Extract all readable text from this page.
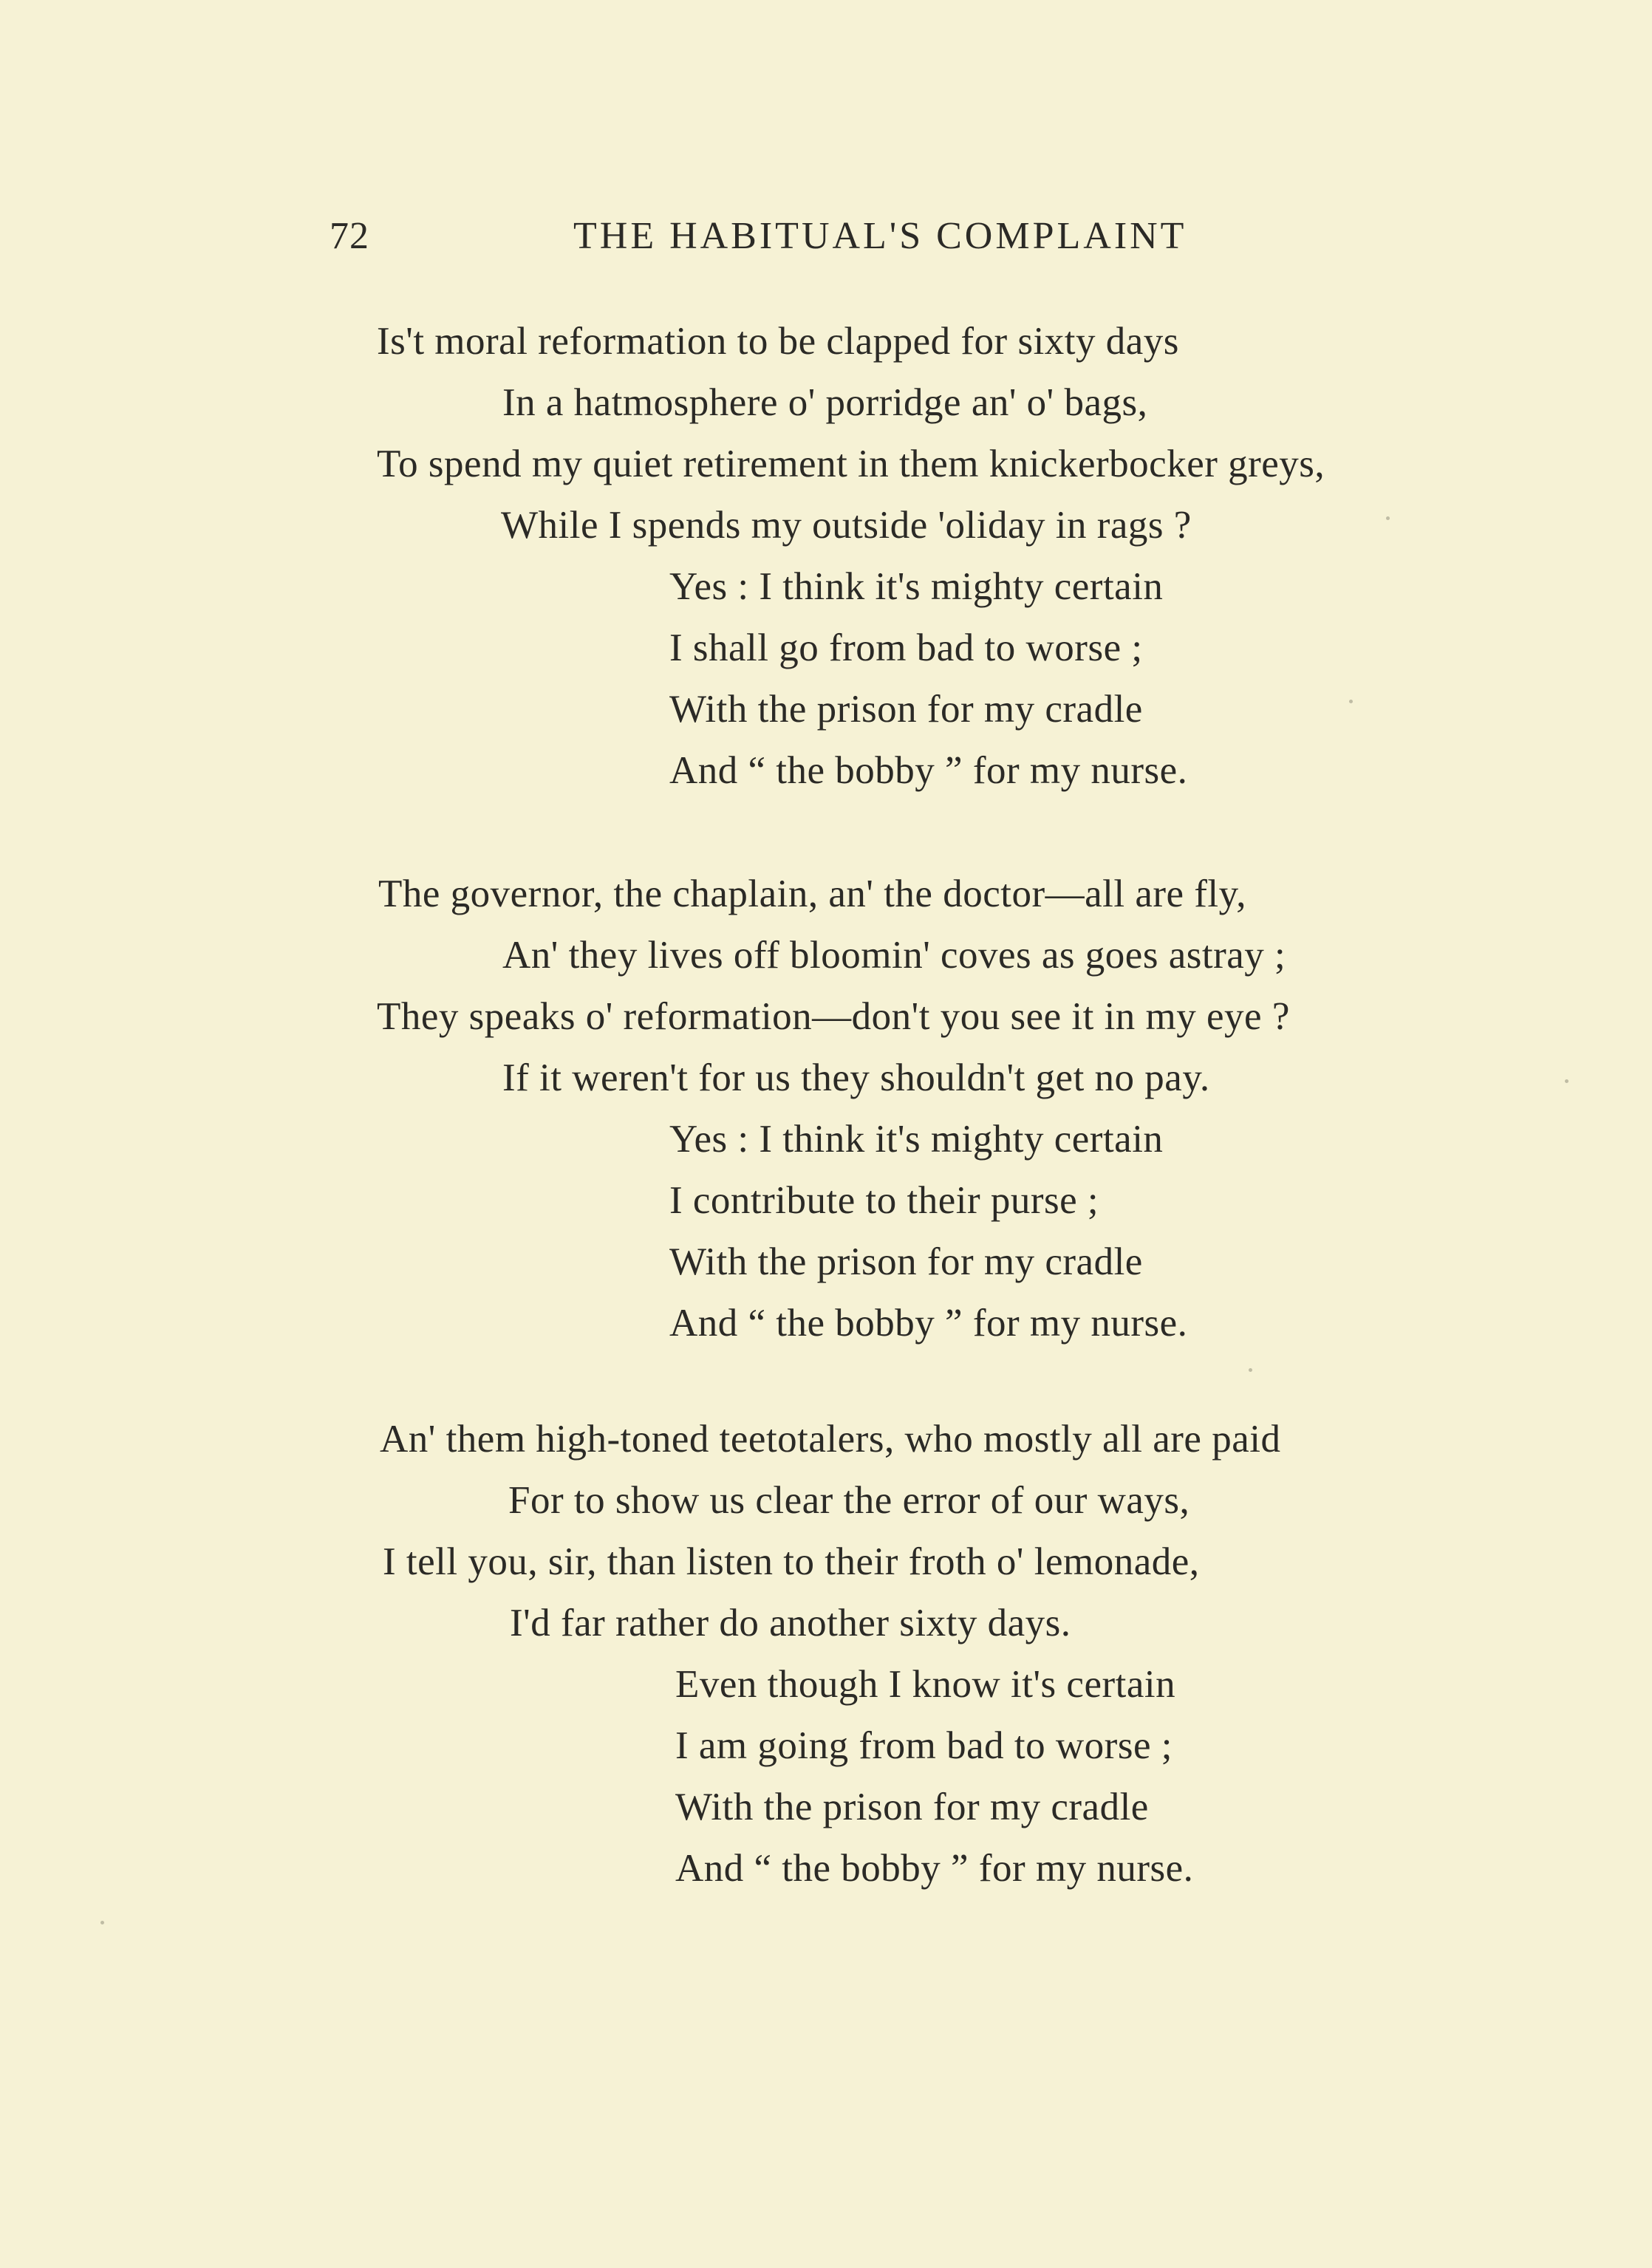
72	THE HABITUAL'S COMPLAINT
Is't moral reformation to be clapped for sixty days
In a hatmosphere o' porridge an' o' bags,
To spend my quiet retirement in them knickerbocker greys,
While I spends my outside 'oliday in rags ?
Yes : I think it's mighty certain
I shall go from bad to worse ;
With the prison for my cradle
And “ the bobby ” for my nurse.
The governor, the chaplain, an' the doctor—all are fly,
An' they lives off bloomin' coves as goes astray ;
They speaks o' reformation—don't you see it in my eye ?
If it weren't for us they shouldn't get no pay.
Yes : I think it's mighty certain
I contribute to their purse ;
With the prison for my cradle
And “ the bobby ” for my nurse.
An' them high-toned teetotalers, who mostly all are paid
For to show us clear the error of our ways,
I tell you, sir, than listen to their froth o' lemonade,
I'd far rather do another sixty days.
Even though I know it's certain
I am going from bad to worse ;
With the prison for my cradle
And “ the bobby ” for my nurse.
